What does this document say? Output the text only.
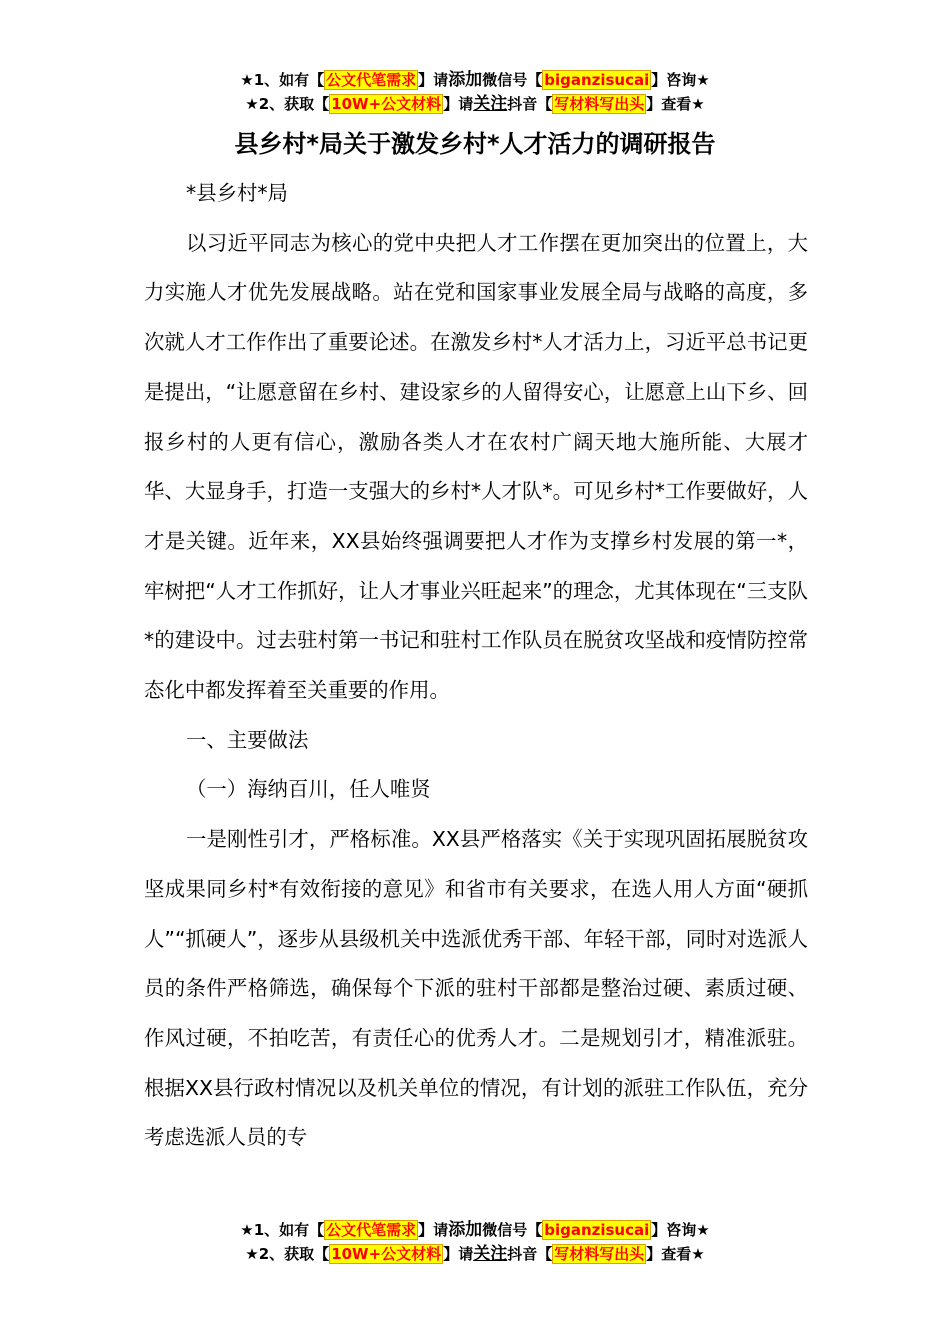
★1、如有【 公文代笔需求 】请添加微信号【 biganzisucai 】咨询★
★2、获取【 10W+公文材料 】请关注抖音【 写材料写出头 】查看★
县乡村*局关于激发乡村*人才活力的调研报告

*县乡村*局

以习近平同志为核心的党中央把人才工作摆在更加突出的位置上，大力实施人才优先发展战略。站在党和国家事业发展全局与战略的高度，多次就人才工作作出了重要论述。在激发乡村*人才活力上，习近平总书记更是提出，“让愿意留在乡村、建设家乡的人留得安心，让愿意上山下乡、回报乡村的人更有信心，激励各类人才在农村广阔天地大施所能、大展才华、大显身手，打造一支强大的乡村*人才队*。可见乡村*工作要做好，人才是关键。近年来，XX县始终强调要把人才作为支撑乡村发展的第一*，牢树把“人才工作抓好，让人才事业兴旺起来”的理念，尤其体现在“三支队*的建设中。过去驻村第一书记和驻村工作队员在脱贫攻坚战和疫情防控常态化中都发挥着至关重要的作用。

一、主要做法

（一）海纳百川，任人唯贤

一是刚性引才，严格标准。XX县严格落实《关于实现巩固拓展脱贫攻坚成果同乡村*有效衔接的意见》和省市有关要求，在选人用人方面“硬抓人”“抓硬人”，逐步从县级机关中选派优秀干部、年轻干部，同时对选派人员的条件严格筛选，确保每个下派的驻村干部都是整治过硬、素质过硬、作风过硬，不拍吃苦，有责任心的优秀人才。二是规划引才，精准派驻。根据XX县行政村情况以及机关单位的情况，有计划的派驻工作队伍，充分考虑选派人员的专

★1、如有【 公文代笔需求 】请添加微信号【 biganzisucai 】咨询★
★2、获取【 10W+公文材料 】请关注抖音【 写材料写出头 】查看★
